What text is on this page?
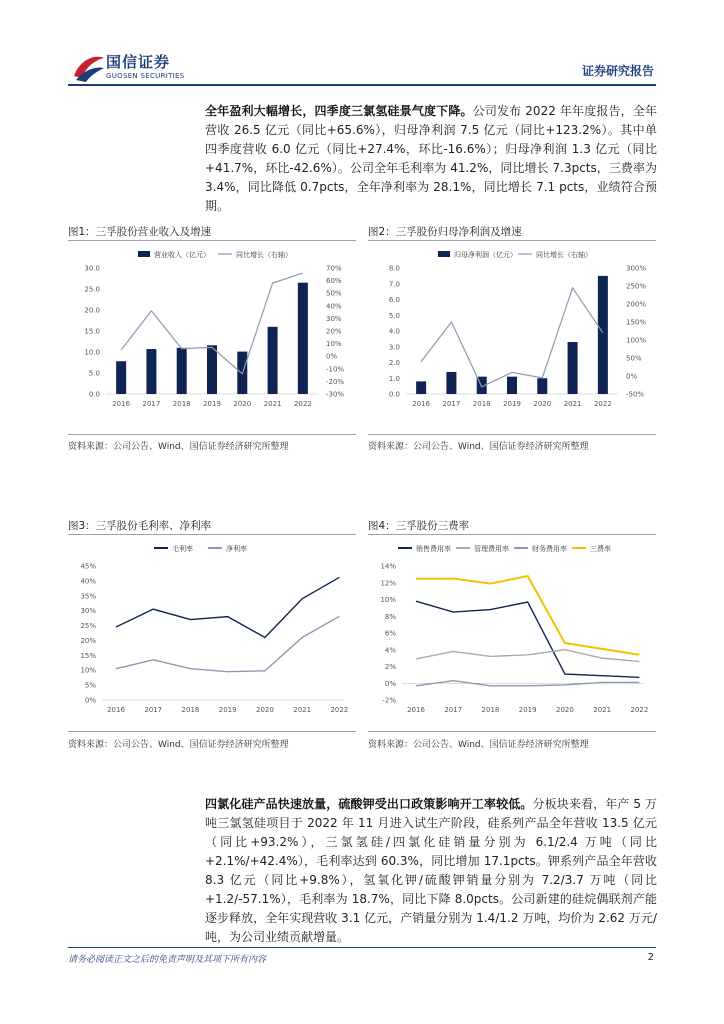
国信证券
GUOSEN SECURITIES	证券研究报告
全年盈利大幅增长，四季度三氯氢硅景气度下降。公司发布 2022 年年度报告，全年营收 26.5 亿元（同比+65.6%），归母净利润 7.5 亿元（同比+123.2%）。其中单四季度营收 6.0 亿元（同比+27.4%，环比-16.6%）；归母净利润 1.3 亿元（同比+41.7%，环比-42.6%）。公司全年毛利率为 41.2%，同比增长 7.3pcts，三费率为 3.4%，同比降低 0.7pcts，全年净利率为 28.1%，同比增长 7.1 pcts，业绩符合预期。
图1：三孚股份营业收入及增速
0.0
5.0
10.0
15.0
20.0
25.0
30.0
-30%
-20%
-10%
0%
10%
20%
30%
40%
50%
60%
70%
2016 2017 2018 2019 2020 2021 2022
营业收入（亿元）	同比增长（右轴）
资料来源：公司公告、Wind、国信证券经济研究所整理
图2：三孚股份归母净利润及增速
0.0
1.0
2.0
3.0
4.0
5.0
6.0
7.0
8.0
-50%
0%
50%
100%
150%
200%
250%
300%
2016 2017 2018 2019 2020 2021 2022
归母净利润（亿元）	同比增长（右轴）
资料来源：公司公告、Wind、国信证券经济研究所整理
图3：三孚股份毛利率、净利率
0%
5%
10%
15%
20%
25%
30%
35%
40%
45%
2016	2017	2018	2019	2020	2021	2022
毛利率	净利率
资料来源：公司公告、Wind、国信证券经济研究所整理
图4：三孚股份三费率
-2%
0%
2%
4%
6%
8%
10%
12%
14%
2016	2017	2018	2019	2020	2021	2022
销售费用率	管理费用率	财务费用率	三费率
资料来源：公司公告、Wind、国信证券经济研究所整理
四氯化硅产品快速放量，硫酸钾受出口政策影响开工率较低。分板块来看，年产 5 万吨三氯氢硅项目于 2022 年 11 月进入试生产阶段，硅系列产品全年营收 13.5 亿元（同比+93.2%），三氯氢硅/四氯化硅销量分别为 6.1/2.4 万吨（同比+2.1%/+42.4%），毛利率达到 60.3%，同比增加 17.1pcts。钾系列产品全年营收 8.3 亿元（同比+9.8%），氢氧化钾/硫酸钾销量分别为 7.2/3.7 万吨（同比+1.2/-57.1%），毛利率为 18.7%，同比下降 8.0pcts。公司新建的硅烷偶联剂产能逐步释放，全年实现营收 3.1 亿元，产销量分别为 1.4/1.2 万吨，均价为 2.62 万元/吨，为公司业绩贡献增量。
请务必阅读正文之后的免责声明及其项下所有内容	2
